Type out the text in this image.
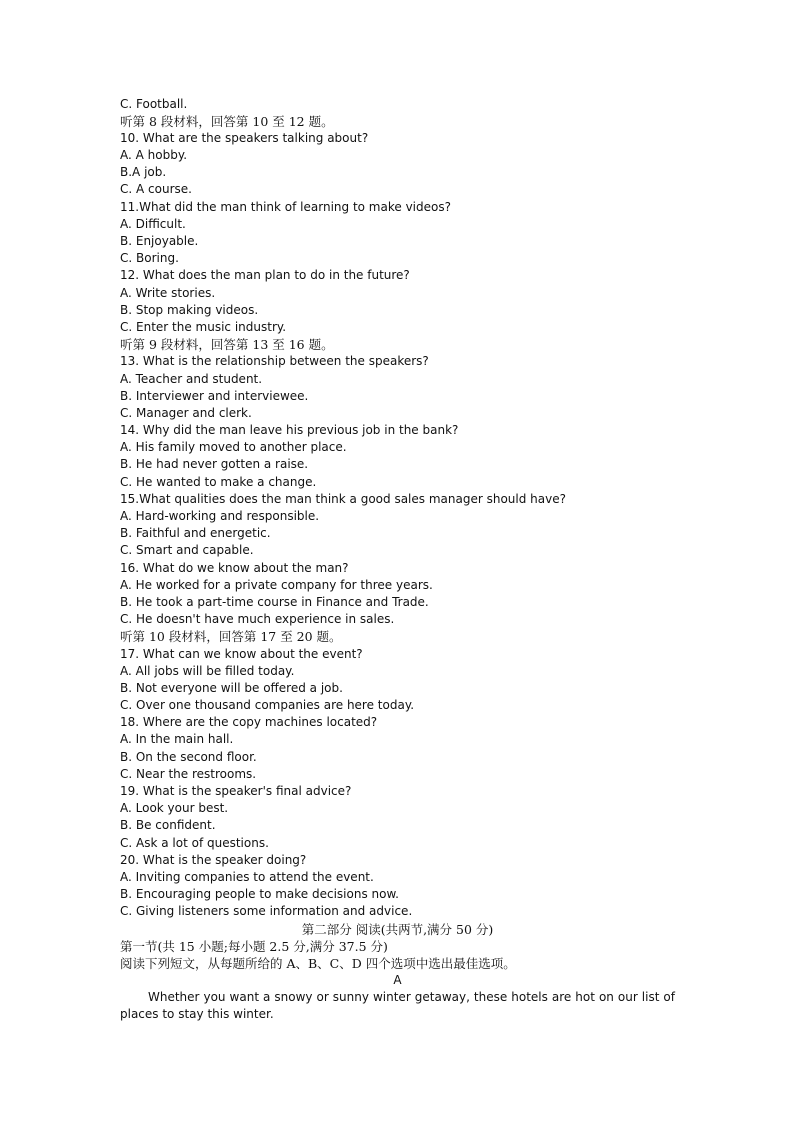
C. Football.
听第 8 段材料，回答第 10 至 12 题。
10. What are the speakers talking about?
A. A hobby.
B.A job.
C. A course.
11.What did the man think of learning to make videos?
A. Difficult.
B. Enjoyable.
C. Boring.
12. What does the man plan to do in the future?
A. Write stories.
B. Stop making videos.
C. Enter the music industry.
听第 9 段材料，回答第 13 至 16 题。
13. What is the relationship between the speakers?
A. Teacher and student.
B. Interviewer and interviewee.
C. Manager and clerk.
14. Why did the man leave his previous job in the bank?
A. His family moved to another place.
B. He had never gotten a raise.
C. He wanted to make a change.
15.What qualities does the man think a good sales manager should have?
A. Hard-working and responsible.
B. Faithful and energetic.
C. Smart and capable.
16. What do we know about the man?
A. He worked for a private company for three years.
B. He took a part-time course in Finance and Trade.
C. He doesn't have much experience in sales.
听第 10 段材料，回答第 17 至 20 题。
17. What can we know about the event?
A. All jobs will be filled today.
B. Not everyone will be offered a job.
C. Over one thousand companies are here today.
18. Where are the copy machines located?
A. In the main hall.
B. On the second floor.
C. Near the restrooms.
19. What is the speaker's final advice?
A. Look your best.
B. Be confident.
C. Ask a lot of questions.
20. What is the speaker doing?
A. Inviting companies to attend the event.
B. Encouraging people to make decisions now.
C. Giving listeners some information and advice.
第二部分 阅读(共两节,满分 50 分)
第一节(共 15 小题;每小题 2.5 分,满分 37.5 分)
阅读下列短文，从每题所给的 A、B、C、D 四个选项中选出最佳选项。
A
Whether you want a snowy or sunny winter getaway, these hotels are hot on our list of places to stay this winter.
